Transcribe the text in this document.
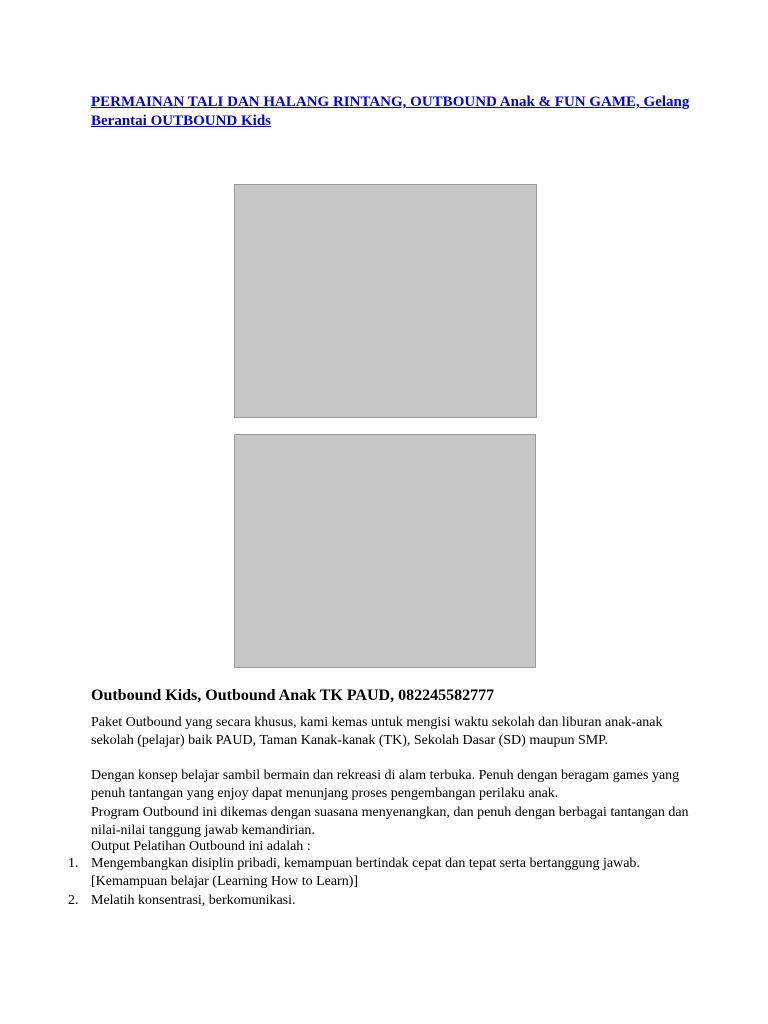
PERMAINAN TALI DAN HALANG RINTANG, OUTBOUND Anak & FUN GAME, Gelang Berantai OUTBOUND Kids
Outbound Kids, Outbound Anak TK PAUD, 082245582777
Paket Outbound yang secara khusus, kami kemas untuk mengisi waktu sekolah dan liburan anak-anak sekolah (pelajar) baik PAUD, Taman Kanak-kanak (TK), Sekolah Dasar (SD) maupun SMP.
Dengan konsep belajar sambil bermain dan rekreasi di alam terbuka. Penuh dengan beragam games yang penuh tantangan yang enjoy dapat menunjang proses pengembangan perilaku anak.
Program Outbound ini dikemas dengan suasana menyenangkan, dan penuh dengan berbagai tantangan dan nilai-nilai tanggung jawab kemandirian.
Output Pelatihan Outbound ini adalah :
1. Mengembangkan disiplin pribadi, kemampuan bertindak cepat dan tepat serta bertanggung jawab. [Kemampuan belajar (Learning How to Learn)]
2. Melatih konsentrasi, berkomunikasi.
